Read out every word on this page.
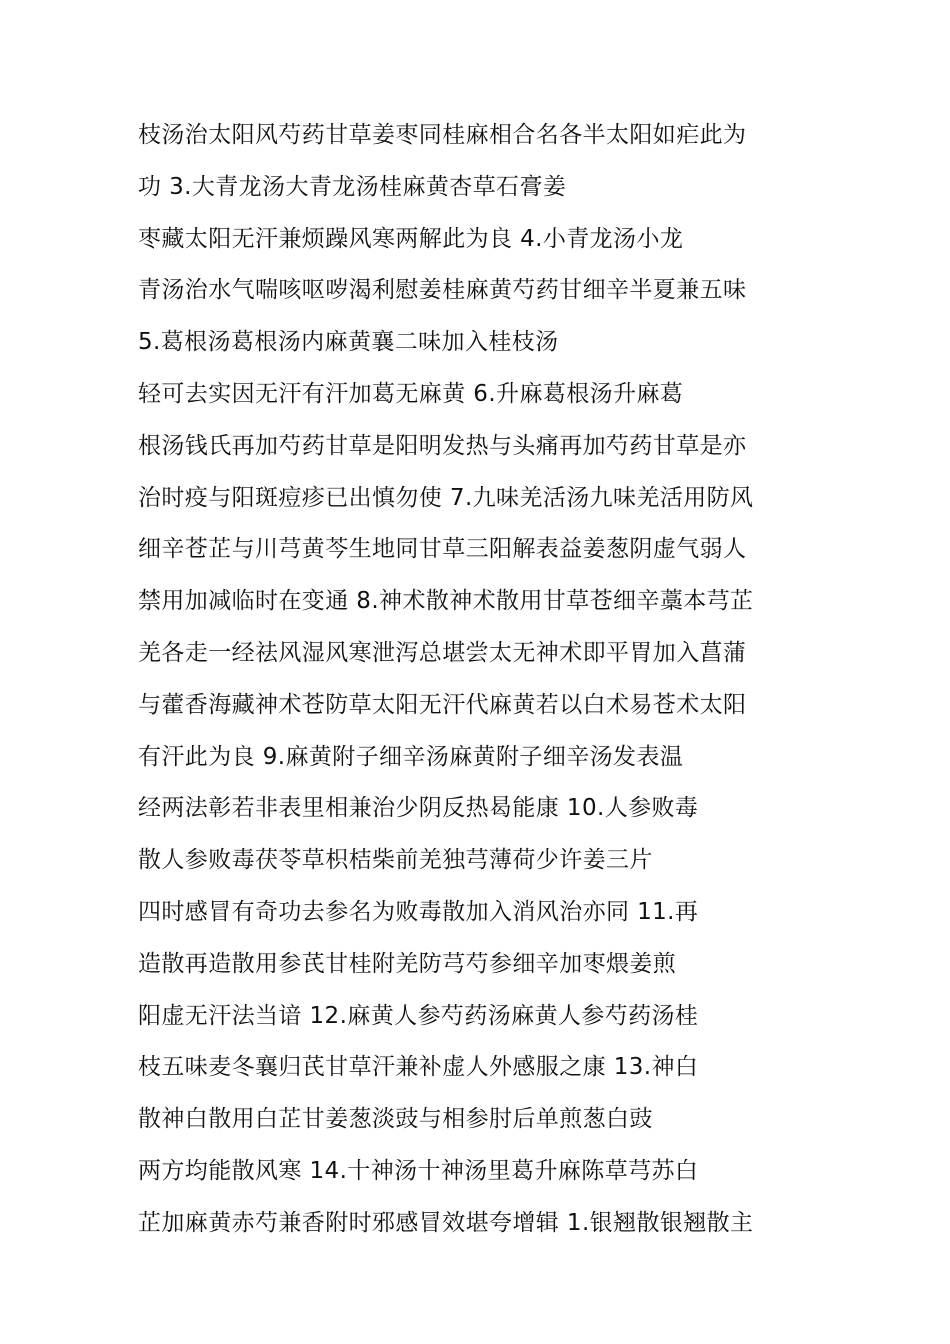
枝汤治太阳风芍药甘草姜枣同桂麻相合名各半太阳如疟此为
功 3.大青龙汤大青龙汤桂麻黄杏草石膏姜
枣藏太阳无汗兼烦躁风寒两解此为良 4.小青龙汤小龙
青汤治水气喘咳呕哕渴利慰姜桂麻黄芍药甘细辛半夏兼五味
5.葛根汤葛根汤内麻黄襄二味加入桂枝汤
轻可去实因无汗有汗加葛无麻黄 6.升麻葛根汤升麻葛
根汤钱氏再加芍药甘草是阳明发热与头痛再加芍药甘草是亦
治时疫与阳斑痘疹已出慎勿使 7.九味羌活汤九味羌活用防风
细辛苍芷与川芎黄芩生地同甘草三阳解表益姜葱阴虚气弱人
禁用加减临时在变通 8.神术散神术散用甘草苍细辛藁本芎芷
羌各走一经祛风湿风寒泄泻总堪尝太无神术即平胃加入菖蒲
与藿香海藏神术苍防草太阳无汗代麻黄若以白术易苍术太阳
有汗此为良 9.麻黄附子细辛汤麻黄附子细辛汤发表温
经两法彰若非表里相兼治少阴反热曷能康 10.人参败毒
散人参败毒茯苓草枳桔柴前羌独芎薄荷少许姜三片
四时感冒有奇功去参名为败毒散加入消风治亦同 11.再
造散再造散用参芪甘桂附羌防芎芍参细辛加枣煨姜煎
阳虚无汗法当谙 12.麻黄人参芍药汤麻黄人参芍药汤桂
枝五味麦冬襄归芪甘草汗兼补虚人外感服之康 13.神白
散神白散用白芷甘姜葱淡豉与相参肘后单煎葱白豉
两方均能散风寒 14.十神汤十神汤里葛升麻陈草芎苏白
芷加麻黄赤芍兼香附时邪感冒效堪夸增辑 1.银翘散银翘散主
